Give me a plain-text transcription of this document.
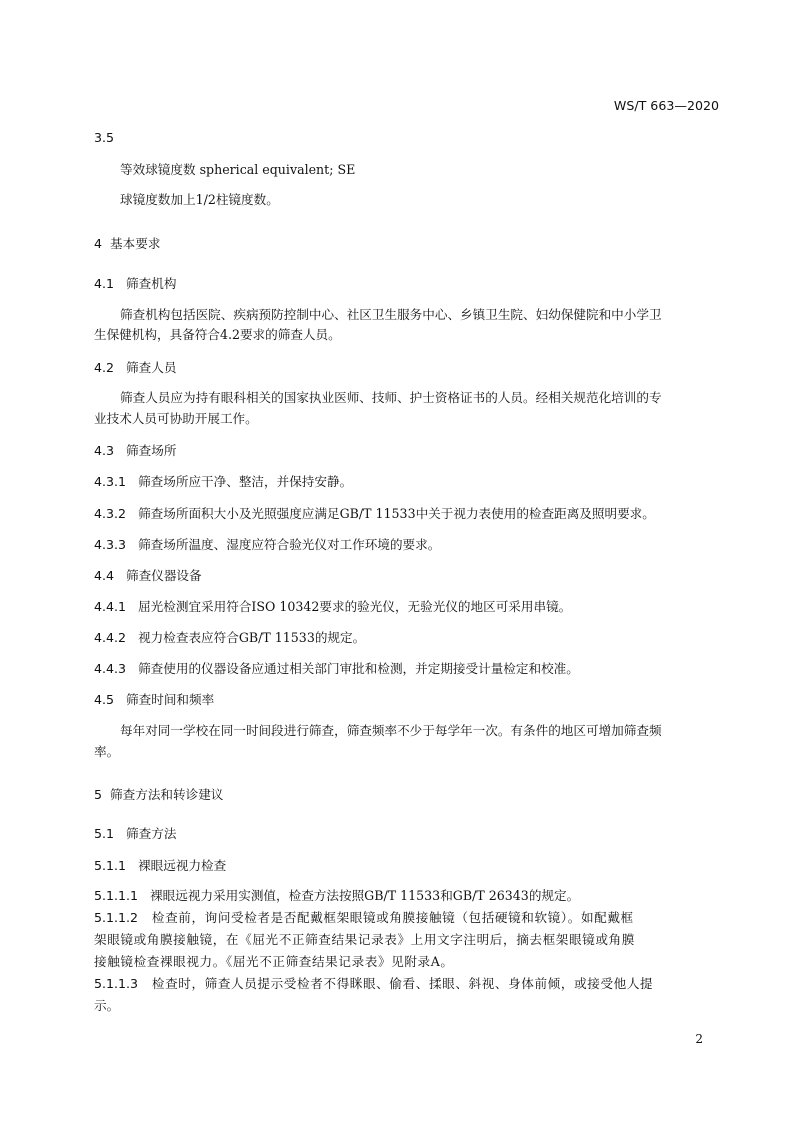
WS/T 663—2020
3.5
等效球镜度数 spherical equivalent; SE
球镜度数加上1/2柱镜度数。
4 基本要求
4.1 筛查机构
筛查机构包括医院、疾病预防控制中心、社区卫生服务中心、乡镇卫生院、妇幼保健院和中小学卫
生保健机构，具备符合4.2要求的筛查人员。
4.2 筛查人员
筛查人员应为持有眼科相关的国家执业医师、技师、护士资格证书的人员。经相关规范化培训的专
业技术人员可协助开展工作。
4.3 筛查场所
4.3.1 筛查场所应干净、整洁，并保持安静。
4.3.2 筛查场所面积大小及光照强度应满足GB/T 11533中关于视力表使用的检查距离及照明要求。
4.3.3 筛查场所温度、湿度应符合验光仪对工作环境的要求。
4.4 筛查仪器设备
4.4.1 屈光检测宜采用符合ISO 10342要求的验光仪，无验光仪的地区可采用串镜。
4.4.2 视力检查表应符合GB/T 11533的规定。
4.4.3 筛查使用的仪器设备应通过相关部门审批和检测，并定期接受计量检定和校准。
4.5 筛查时间和频率
每年对同一学校在同一时间段进行筛查，筛查频率不少于每学年一次。有条件的地区可增加筛查频
率。
5 筛查方法和转诊建议
5.1 筛查方法
5.1.1 裸眼远视力检查
5.1.1.1 裸眼远视力采用实测值，检查方法按照GB/T 11533和GB/T 26343的规定。
5.1.1.2 检查前，询问受检者是否配戴框架眼镜或角膜接触镜（包括硬镜和软镜）。如配戴框
架眼镜或角膜接触镜，在《屈光不正筛查结果记录表》上用文字注明后，摘去框架眼镜或角膜
接触镜检查裸眼视力。《屈光不正筛查结果记录表》见附录A。
5.1.1.3 检查时，筛查人员提示受检者不得眯眼、偷看、揉眼、斜视、身体前倾，或接受他人提
示。
2
